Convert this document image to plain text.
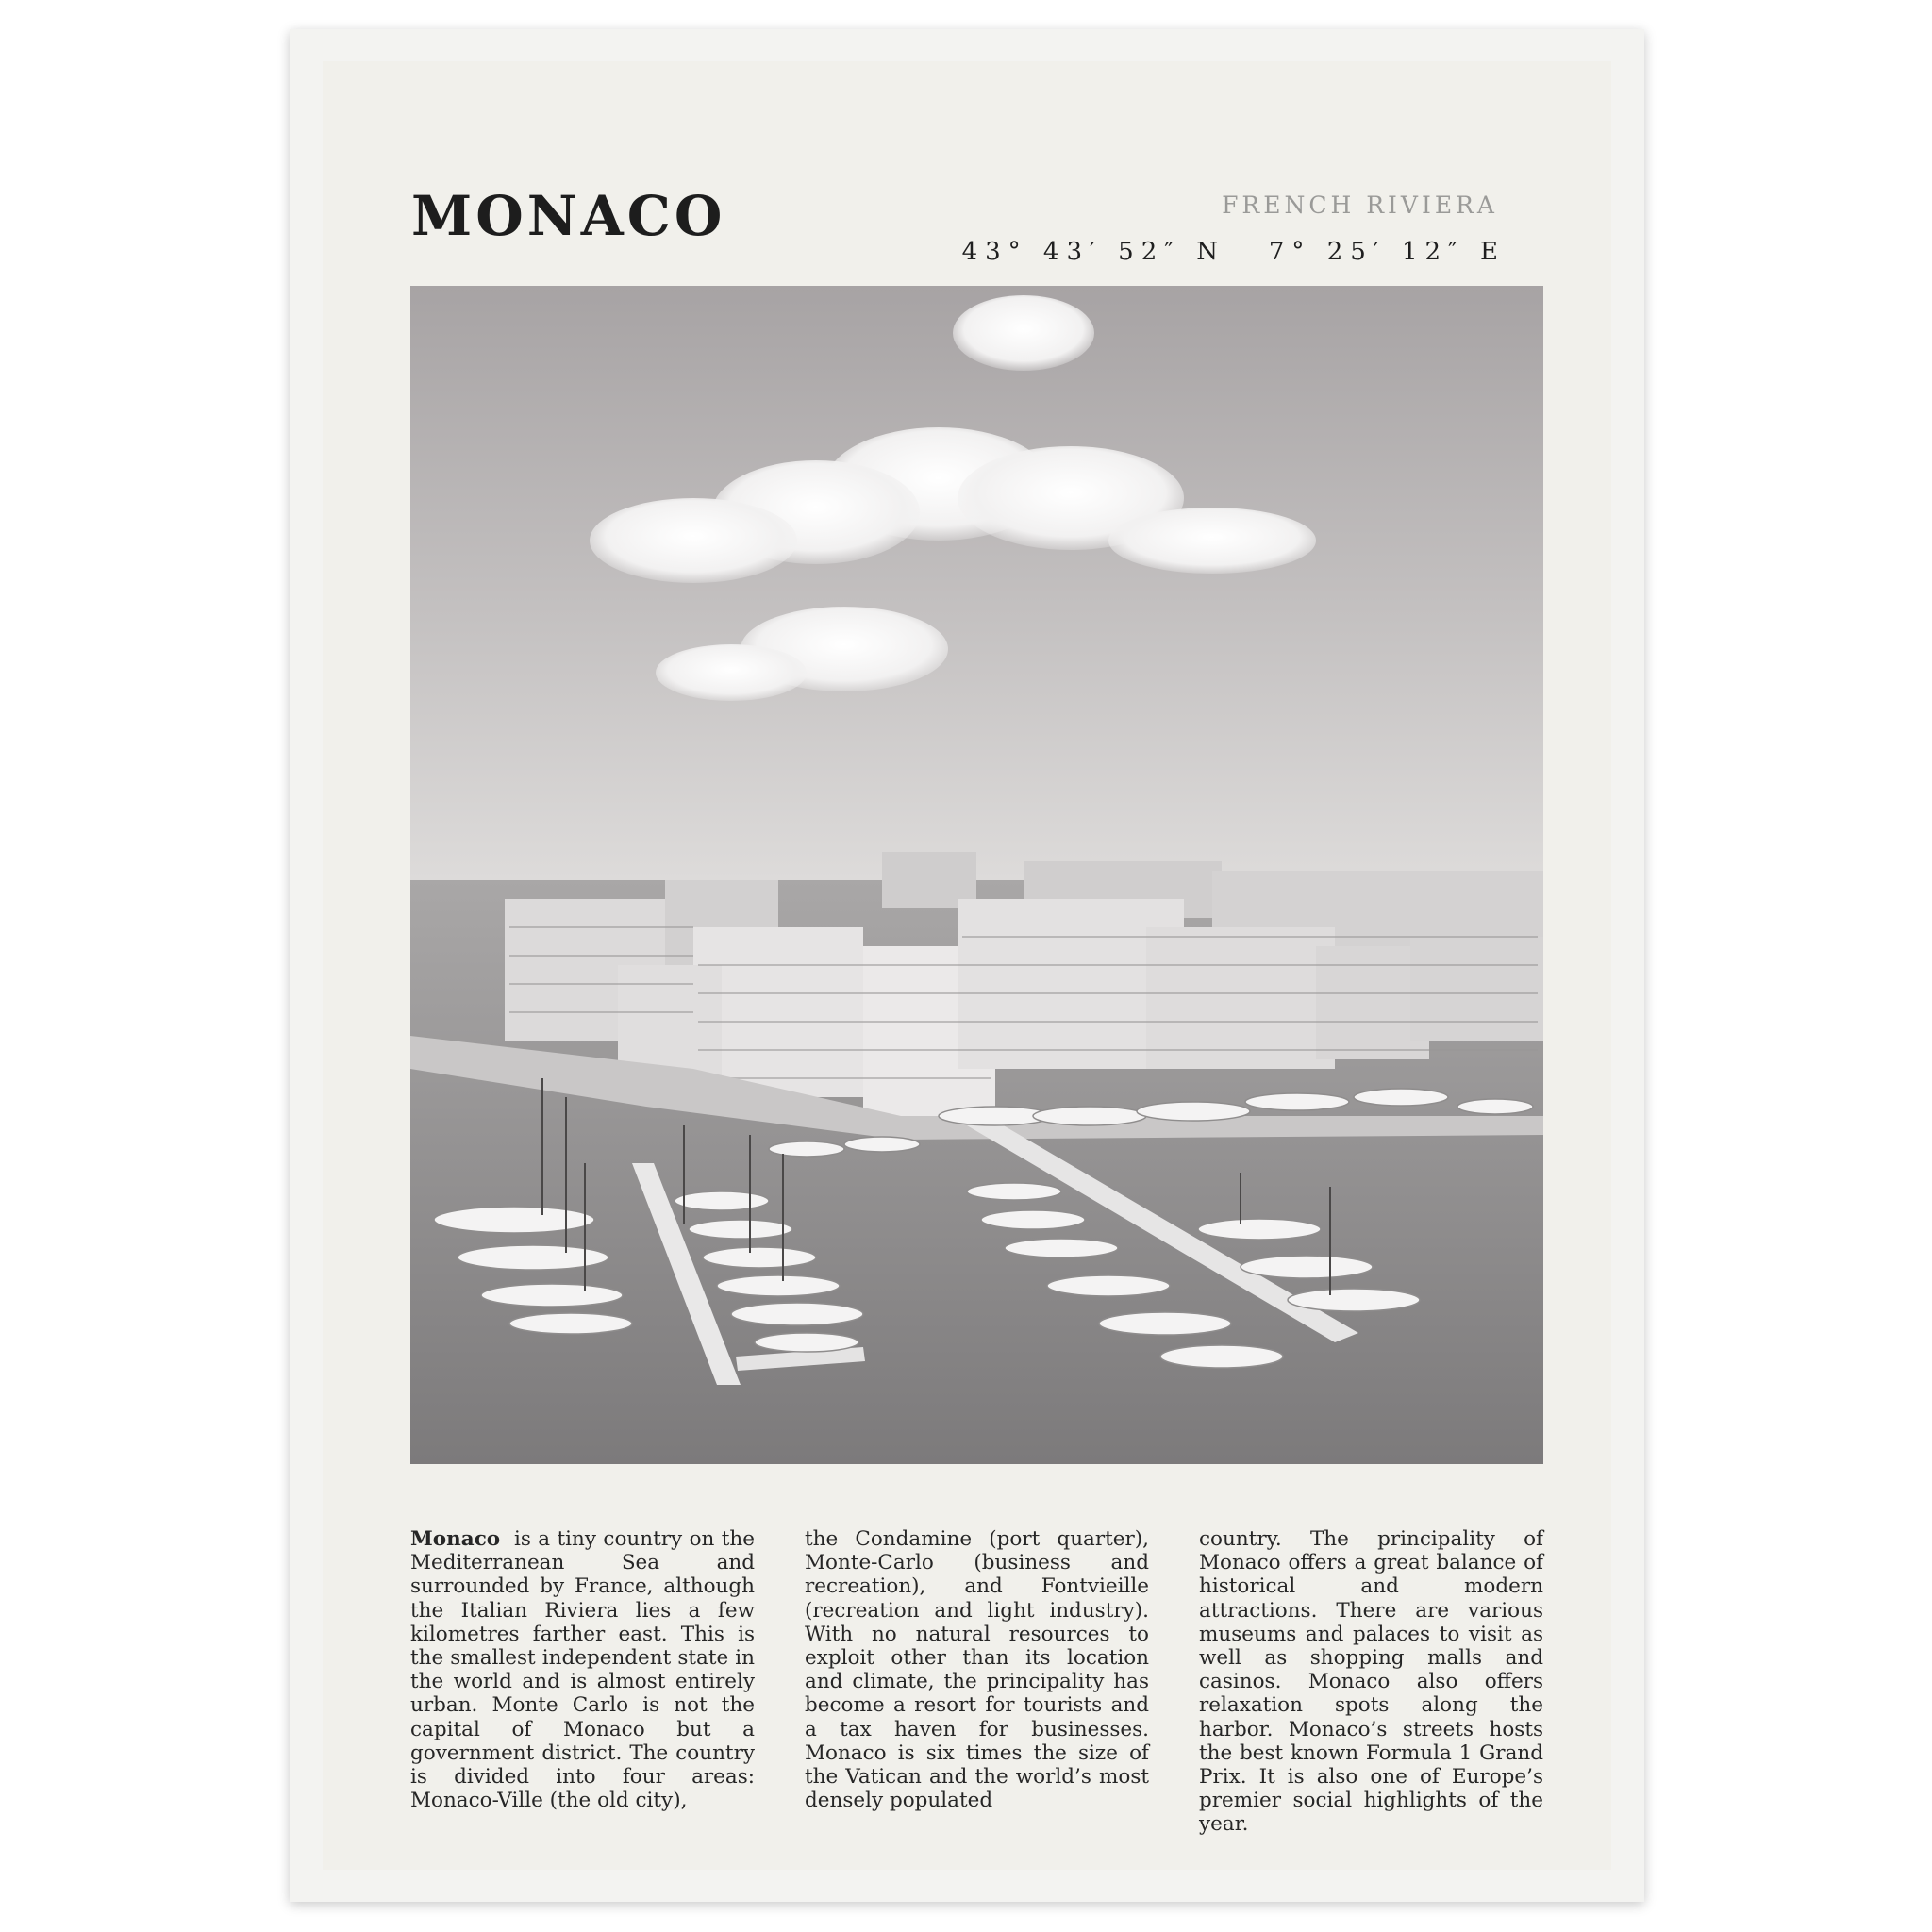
MONACO	FRENCH RIVIERA
43° 43′ 52″ N 7° 25′ 12″ E

Monaco is a tiny country on the Mediterranean Sea and surrounded by France, although the Italian Riviera lies a few kilometres farther east. This is the smallest independent state in the world and is almost entirely urban. Monte Carlo is not the capital of Monaco but a government district. The country is divided into four areas: Monaco-Ville (the old city),

the Condamine (port quarter), Monte-Carlo (business and recreation), and Fontvieille (recreation and light industry). With no natural resources to exploit other than its location and climate, the principality has become a resort for tourists and a tax haven for businesses. Monaco is six times the size of the Vatican and the world’s most densely populated

country. The principality of Monaco offers a great balance of historical and modern attractions. There are various museums and palaces to visit as well as shopping malls and casinos. Monaco also offers relaxation spots along the harbor. Monaco’s streets hosts the best known Formula 1 Grand Prix. It is also one of Europe’s premier social highlights of the year.
